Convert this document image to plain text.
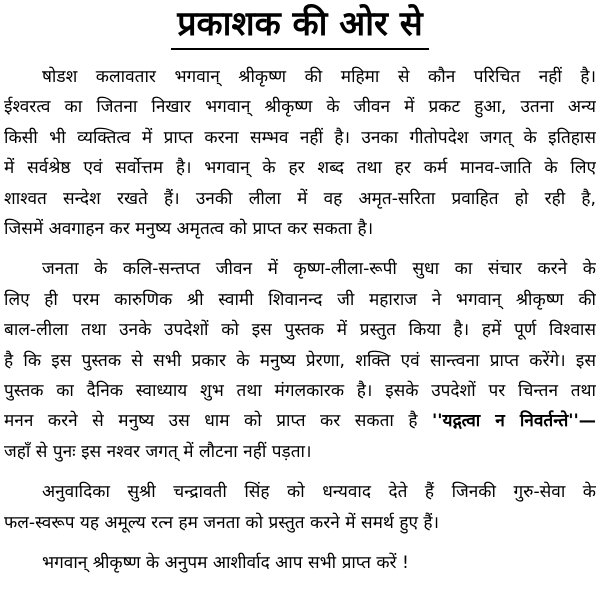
प्रकाशक की ओर से
षोडश कलावतार भगवान् श्रीकृष्ण की महिमा से कौन परिचित नहीं है।
ईश्वरत्व का जितना निखार भगवान् श्रीकृष्ण के जीवन में प्रकट हुआ, उतना अन्य
किसी भी व्यक्तित्व में प्राप्त करना सम्भव नहीं है। उनका गीतोपदेश जगत् के इतिहास
में सर्वश्रेष्ठ एवं सर्वोत्तम है। भगवान् के हर शब्द तथा हर कर्म मानव-जाति के लिए
शाश्वत सन्देश रखते हैं। उनकी लीला में वह अमृत-सरिता प्रवाहित हो रही है,
जिसमें अवगाहन कर मनुष्य अमृतत्व को प्राप्त कर सकता है।
जनता के कलि-सन्तप्त जीवन में कृष्ण-लीला-रूपी सुधा का संचार करने के
लिए ही परम कारुणिक श्री स्वामी शिवानन्द जी महाराज ने भगवान् श्रीकृष्ण की
बाल-लीला तथा उनके उपदेशों को इस पुस्तक में प्रस्तुत किया है। हमें पूर्ण विश्वास
है कि इस पुस्तक से सभी प्रकार के मनुष्य प्रेरणा, शक्ति एवं सान्त्वना प्राप्त करेंगे। इस
पुस्तक का दैनिक स्वाध्याय शुभ तथा मंगलकारक है। इसके उपदेशों पर चिन्तन तथा
मनन करने से मनुष्य उस धाम को प्राप्त कर सकता है ''यद्गत्वा न निवर्तन्ते''—
जहाँ से पुनः इस नश्वर जगत् में लौटना नहीं पड़ता।
अनुवादिका सुश्री चन्द्रावती सिंह को धन्यवाद देते हैं जिनकी गुरु-सेवा के
फल-स्वरूप यह अमूल्य रत्न हम जनता को प्रस्तुत करने में समर्थ हुए हैं।
भगवान् श्रीकृष्ण के अनुपम आशीर्वाद आप सभी प्राप्त करें !
